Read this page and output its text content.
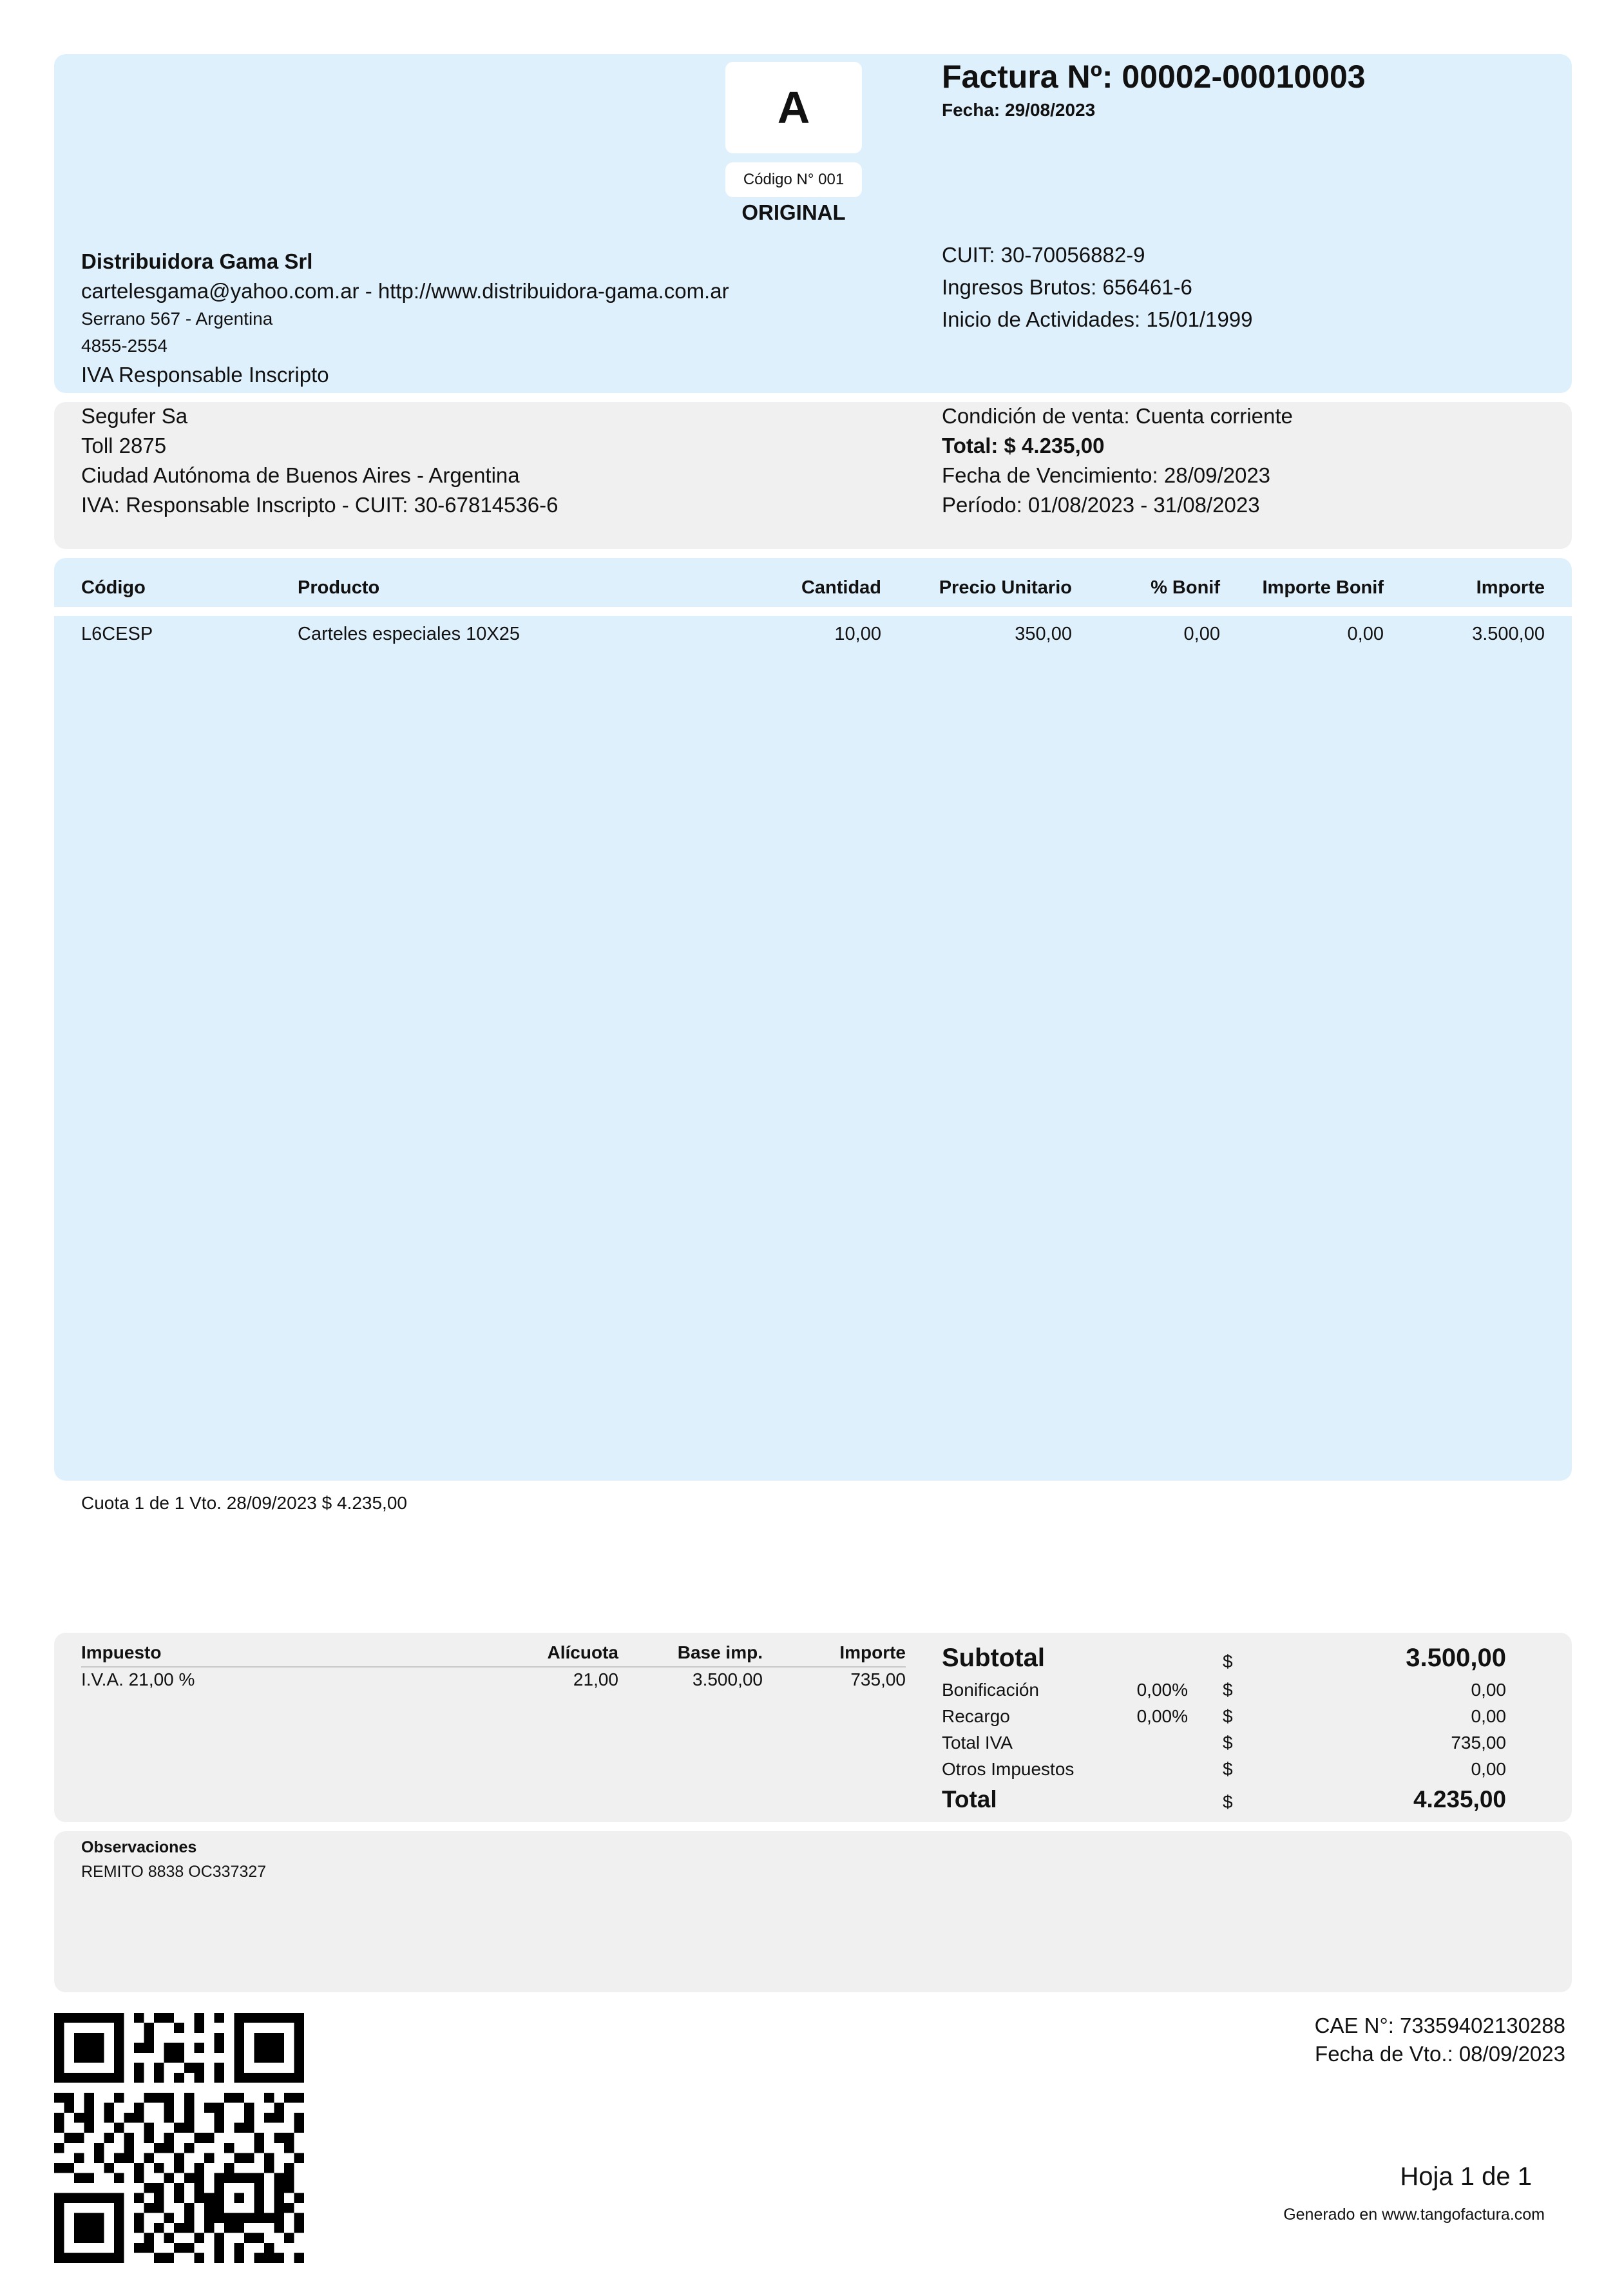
A
Código N° 001
ORIGINAL
Factura Nº: 00002-00010003
Fecha: 29/08/2023
Distribuidora Gama Srl
cartelesgama@yahoo.com.ar - http://www.distribuidora-gama.com.ar
Serrano 567 - Argentina
4855-2554
IVA Responsable Inscripto
CUIT: 30-70056882-9
Ingresos Brutos: 656461-6
Inicio de Actividades: 15/01/1999
Segufer Sa
Toll 2875
Ciudad Autónoma de Buenos Aires - Argentina
IVA: Responsable Inscripto - CUIT: 30-67814536-6
Condición de venta: Cuenta corriente
Total: $ 4.235,00
Fecha de Vencimiento: 28/09/2023
Período: 01/08/2023 - 31/08/2023
Código	Producto	Cantidad	Precio Unitario	% Bonif	Importe Bonif	Importe
L6CESP	Carteles especiales 10X25	10,00	350,00	0,00	0,00	3.500,00
Cuota 1 de 1 Vto. 28/09/2023 $ 4.235,00
Impuesto	Alícuota	Base imp.	Importe
I.V.A. 21,00 %	21,00	3.500,00	735,00
Subtotal	$	3.500,00
Bonificación	0,00% $	0,00
Recargo	0,00% $	0,00
Total IVA	$	735,00
Otros Impuestos	$	0,00
Total	$	4.235,00
Observaciones
REMITO 8838 OC337327
CAE N°: 73359402130288
Fecha de Vto.: 08/09/2023
Hoja 1 de 1
Generado en www.tangofactura.com
